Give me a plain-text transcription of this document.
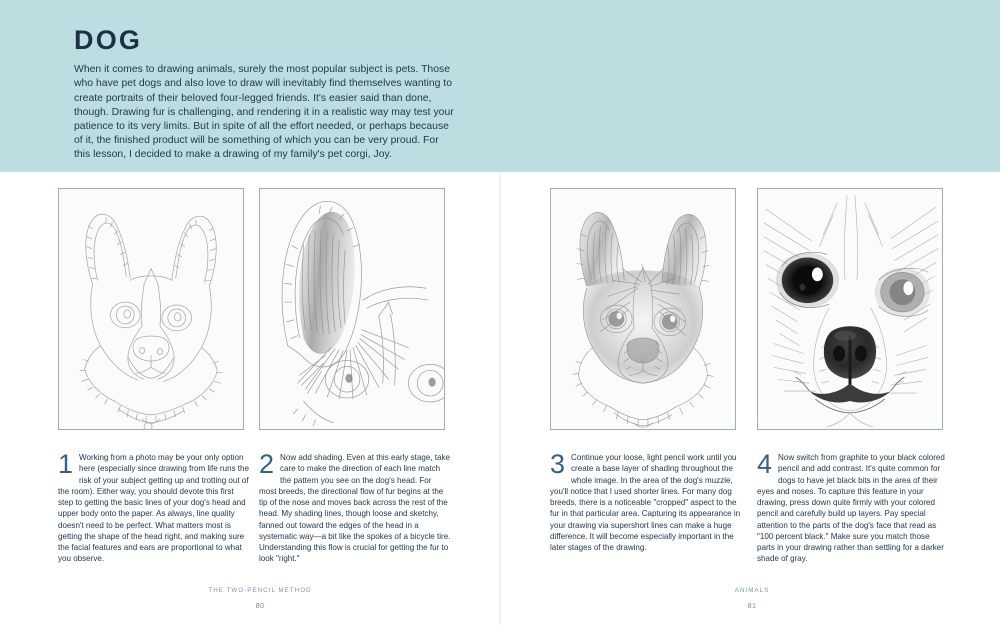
DOG

When it comes to drawing animals, surely the most popular subject is pets. Those who have pet dogs and also love to draw will inevitably find themselves wanting to create portraits of their beloved four-legged friends. It's easier said than done, though. Drawing fur is challenging, and rendering it in a realistic way may test your patience to its very limits. But in spite of all the effort needed, or perhaps because of it, the finished product will be something of which you can be very proud. For this lesson, I decided to make a drawing of my family's pet corgi, Joy.

1 Working from a photo may be your only option here (especially since drawing from life runs the risk of your subject getting up and trotting out of the room). Either way, you should devote this first step to getting the basic lines of your dog's head and upper body onto the paper. As always, line quality doesn't need to be perfect. What matters most is getting the shape of the head right, and making sure the facial features and ears are proportional to what you observe.
2 Now add shading. Even at this early stage, take care to make the direction of each line match the pattern you see on the dog's head. For most breeds, the directional flow of fur begins at the tip of the nose and moves back across the rest of the head. My shading lines, though loose and sketchy, fanned out toward the edges of the head in a systematic way—a bit like the spokes of a bicycle tire. Understanding this flow is crucial for getting the fur to look "right."
3 Continue your loose, light pencil work until you create a base layer of shading throughout the whole image. In the area of the dog's muzzle, you'll notice that I used shorter lines. For many dog breeds, there is a noticeable "cropped" aspect to the fur in that particular area. Capturing its appearance in your drawing via supershort lines can make a huge difference. It will become especially important in the later stages of the drawing.
4 Now switch from graphite to your black colored pencil and add contrast. It's quite common for dogs to have jet black bits in the area of their eyes and noses. To capture this feature in your drawing, press down quite firmly with your colored pencil and carefully build up layers. Pay special attention to the parts of the dog's face that read as "100 percent black." Make sure you match those parts in your drawing rather than settling for a darker shade of gray.
THE TWO-PENCIL METHOD
80
ANIMALS
81
